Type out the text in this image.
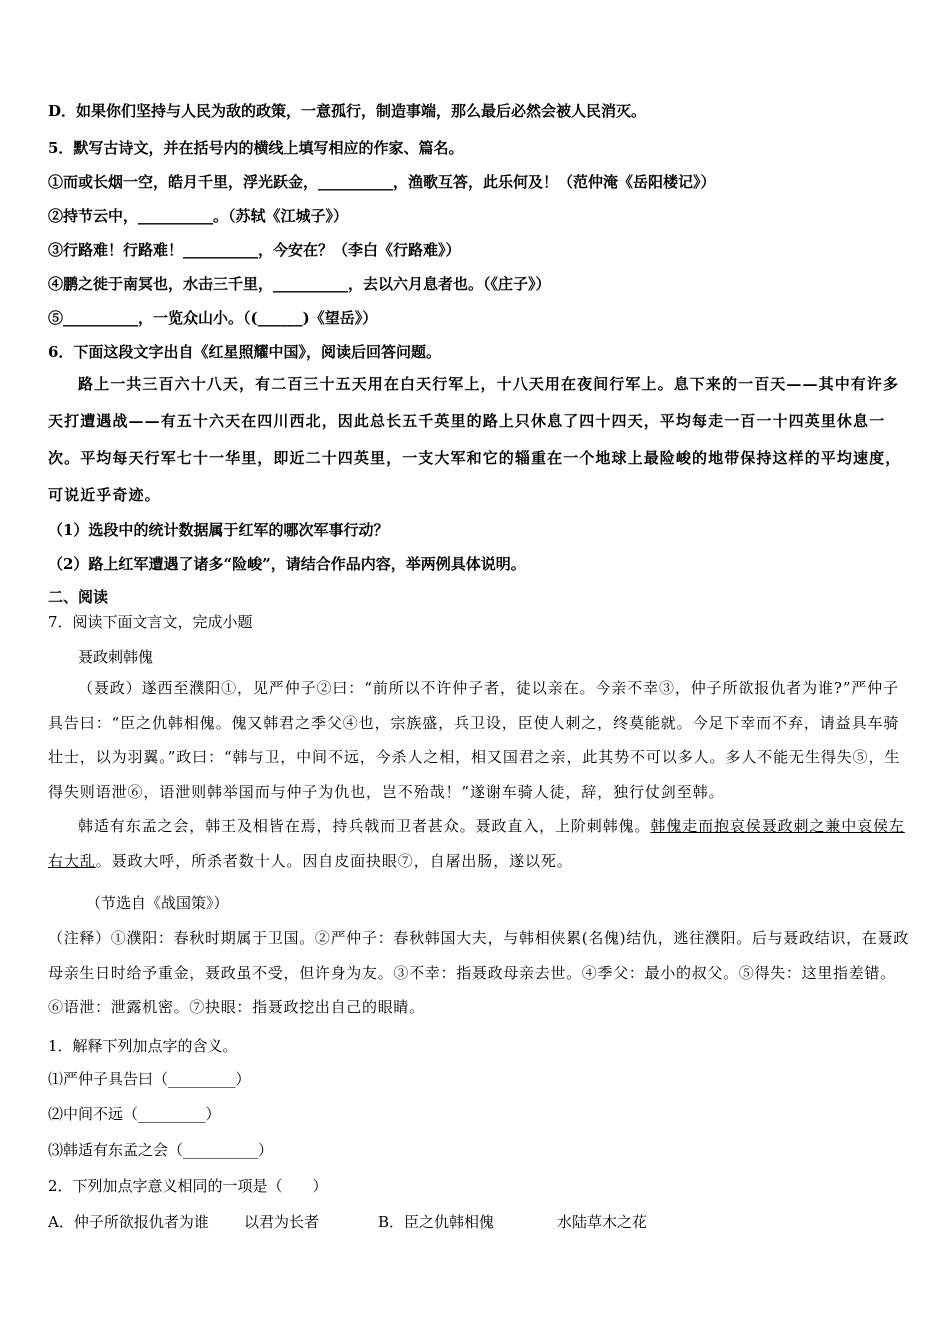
D．如果你们坚持与人民为敌的政策，一意孤行，制造事端，那么最后必然会被人民消灭。
5．默写古诗文，并在括号内的横线上填写相应的作家、篇名。
①而或长烟一空，皓月千里，浮光跃金，__________，渔歌互答，此乐何及！（范仲淹《岳阳楼记》）
②持节云中，__________。（苏轼《江城子》）
③行路难！行路难！__________，今安在？（李白《行路难》）
④鹏之徙于南冥也，水击三千里，__________，去以六月息者也。（《庄子》）
⑤__________，一览众山小。（(______)《望岳》）
6．下面这段文字出自《红星照耀中国》，阅读后回答问题。

路上一共三百六十八天，有二百三十五天用在白天行军上，十八天用在夜间行军上。息下来的一百天——其中有许多天打遭遇战——有五十六天在四川西北，因此总长五千英里的路上只休息了四十四天，平均每走一百一十四英里休息一次。平均每天行军七十一华里，即近二十四英里，一支大军和它的辎重在一个地球上最险峻的地带保持这样的平均速度，可说近乎奇迹。

（1）选段中的统计数据属于红军的哪次军事行动？
（2）路上红军遭遇了诸多“险峻”，请结合作品内容，举两例具体说明。
二、阅读
7．阅读下面文言文，完成小题
聂政刺韩傀

（聂政）遂西至濮阳①，见严仲子②曰：“前所以不许仲子者，徒以亲在。今亲不幸③，仲子所欲报仇者为谁?”严仲子具告曰：“臣之仇韩相傀。傀又韩君之季父④也，宗族盛，兵卫设，臣使人刺之，终莫能就。今足下幸而不弃，请益具车骑壮士，以为羽翼。”政曰：“韩与卫，中间不远，今杀人之相，相又国君之亲，此其势不可以多人。多人不能无生得失⑤，生得失则语泄⑥，语泄则韩举国而与仲子为仇也，岂不殆哉！”遂谢车骑人徒，辞，独行仗剑至韩。

韩适有东孟之会，韩王及相皆在焉，持兵戟而卫者甚众。聂政直入，上阶刺韩傀。韩傀走而抱哀侯聂政刺之兼中哀侯左右大乱。聂政大呼，所杀者数十人。因自皮面抉眼⑦，自屠出肠，遂以死。

（节选自《战国策》）
（注释）①濮阳：春秋时期属于卫国。②严仲子：春秋韩国大夫，与韩相侠累(名傀)结仇，逃往濮阳。后与聂政结识，在聂政母亲生日时给予重金，聂政虽不受，但许身为友。③不幸：指聂政母亲去世。④季父：最小的叔父。⑤得失：这里指差错。⑥语泄：泄露机密。⑦抉眼：指聂政挖出自己的眼睛。
1．解释下列加点字的含义。
⑴严仲子具告曰（_________）
⑵中间不远（_________）
⑶韩适有东孟之会（__________）
2．下列加点字意义相同的一项是（　　）
A．仲子所欲报仇者为谁 以君为长者	B．臣之仇韩相傀	水陆草木之花
